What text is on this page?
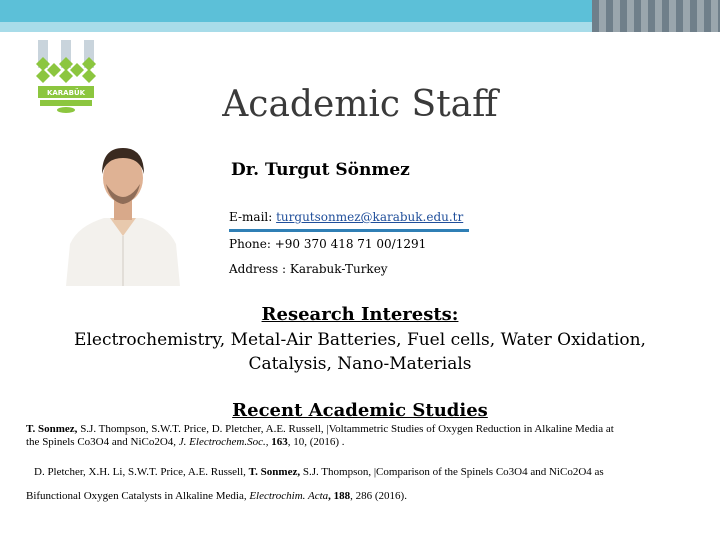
KARABÜK	Academic Staff
Dr. Turgut Sönmez
E-mail: turgutsonmez@karabuk.edu.tr
Phone: +90 370 418 71 00/1291
Address : Karabuk-Turkey
Research Interests:
Electrochemistry, Metal-Air Batteries, Fuel cells, Water Oxidation,
Catalysis, Nano-Materials
Recent Academic Studies
T. Sonmez, S.J. Thompson, S.W.T. Price, D. Pletcher, A.E. Russell, |Voltammetric Studies of Oxygen Reduction in Alkaline Media at
the Spinels Co3O4 and NiCo2O4, J. Electrochem.Soc., 163, 10, (2016) .
D. Pletcher, X.H. Li, S.W.T. Price, A.E. Russell, T. Sonmez, S.J. Thompson, |Comparison of the Spinels Co3O4 and NiCo2O4 as
Bifunctional Oxygen Catalysts in Alkaline Media, Electrochim. Acta, 188, 286 (2016).
